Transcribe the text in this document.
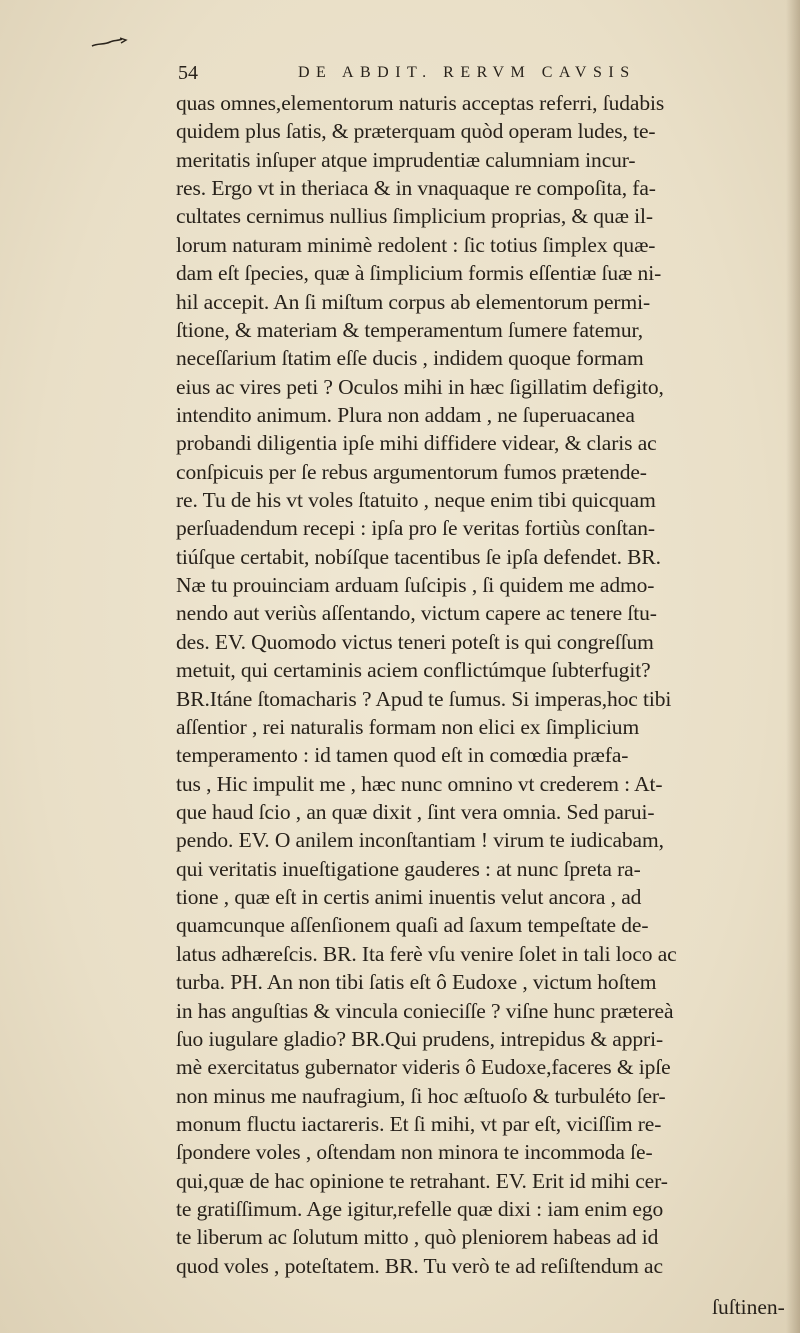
54	DE ABDIT. RERVM CAVSIS
quas omnes,elementorum naturis acceptas referri, ſudabis
quidem plus ſatis, & præterquam quòd operam ludes, te-
meritatis inſuper atque imprudentiæ calumniam incur-
res. Ergo vt in theriaca & in vnaquaque re compoſita, fa-
cultates cernimus nullius ſimplicium proprias, & quæ il-
lorum naturam minimè redolent : ſic totius ſimplex quæ-
dam eſt ſpecies, quæ à ſimplicium formis eſſentiæ ſuæ ni-
hil accepit. An ſi miſtum corpus ab elementorum permi-
ſtione, & materiam & temperamentum ſumere fatemur,
neceſſarium ſtatim eſſe ducis , indidem quoque formam
eius ac vires peti ? Oculos mihi in hæc ſigillatim defigito,
intendito animum. Plura non addam , ne ſuperuacanea
probandi diligentia ipſe mihi diffidere videar, & claris ac
conſpicuis per ſe rebus argumentorum fumos prætende-
re. Tu de his vt voles ſtatuito , neque enim tibi quicquam
perſuadendum recepi : ipſa pro ſe veritas fortiùs conſtan-
tiúſque certabit, nobíſque tacentibus ſe ipſa defendet. BR.
Næ tu prouinciam arduam ſuſcipis , ſi quidem me admo-
nendo aut veriùs aſſentando, victum capere ac tenere ſtu-
des. EV. Quomodo victus teneri poteſt is qui congreſſum
metuit, qui certaminis aciem conflictúmque ſubterfugit?
BR.Itáne ſtomacharis ? Apud te ſumus. Si imperas,hoc tibi
aſſentior , rei naturalis formam non elici ex ſimplicium
temperamento : id tamen quod eſt in comœdia præfa-
tus , Hic impulit me , hæc nunc omnino vt crederem : At-
que haud ſcio , an quæ dixit , ſint vera omnia. Sed parui-
pendo. EV. O anilem inconſtantiam ! virum te iudicabam,
qui veritatis inueſtigatione gauderes : at nunc ſpreta ra-
tione , quæ eſt in certis animi inuentis velut ancora , ad
quamcunque aſſenſionem quaſi ad ſaxum tempeſtate de-
latus adhæreſcis. BR. Ita ferè vſu venire ſolet in tali loco ac
turba. PH. An non tibi ſatis eſt ô Eudoxe , victum hoſtem
in has anguſtias & vincula conieciſſe ? viſne hunc prætereà
ſuo iugulare gladio? BR.Qui prudens, intrepidus & appri-
mè exercitatus gubernator videris ô Eudoxe,faceres & ipſe
non minus me naufragium, ſi hoc æſtuoſo & turbuléto ſer-
monum fluctu iactareris. Et ſi mihi, vt par eſt, viciſſim re-
ſpondere voles , oſtendam non minora te incommoda ſe-
qui,quæ de hac opinione te retrahant. EV. Erit id mihi cer-
te gratiſſimum. Age igitur,refelle quæ dixi : iam enim ego
te liberum ac ſolutum mitto , quò pleniorem habeas ad id
quod voles , poteſtatem. BR. Tu verò te ad reſiſtendum ac
ſuſtinen-
